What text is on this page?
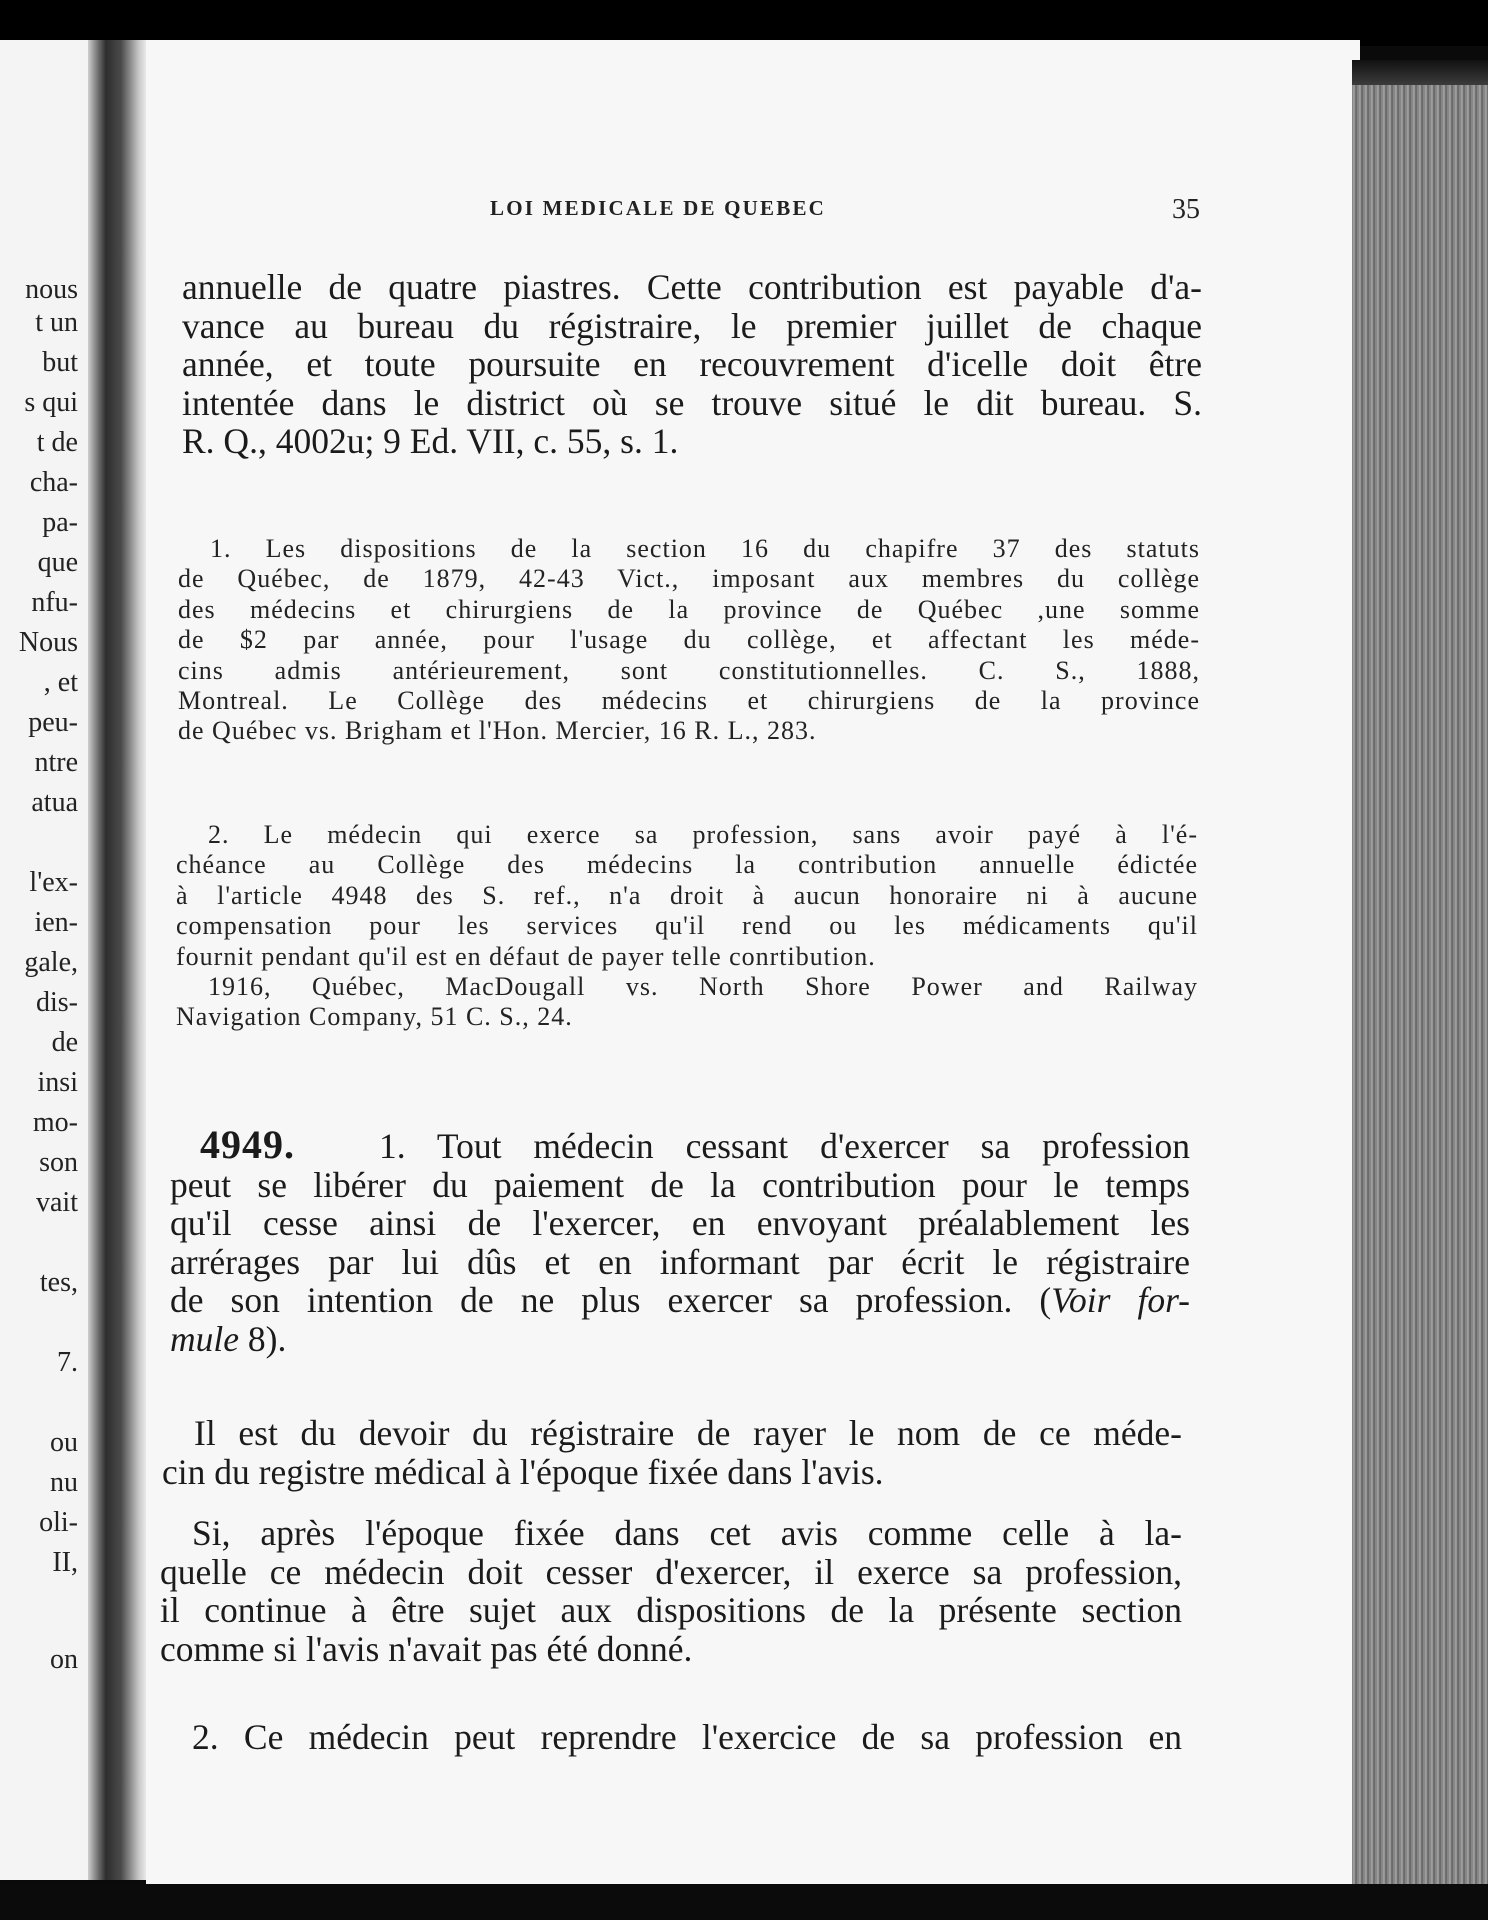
nous
t un
but
s qui
t de
cha-
pa-
que
nfu-
Nous
, et
peu-
ntre
atua
l'ex-
ien-
gale,
dis-
de
insi
mo-
son
vait
tes,
7.
ou
nu
oli-
II,
on
LOI MEDICALE DE QUEBEC	35
annuelle de quatre piastres. Cette contribution est payable d'a-
vance au bureau du régistraire, le premier juillet de chaque
année, et toute poursuite en recouvrement d'icelle doit être
intentée dans le district où se trouve situé le dit bureau. S.
R. Q., 4002u; 9 Ed. VII, c. 55, s. 1.
1. Les dispositions de la section 16 du chapifre 37 des statuts
de Québec, de 1879, 42-43 Vict., imposant aux membres du collège
des médecins et chirurgiens de la province de Québec ,une somme
de $2 par année, pour l'usage du collège, et affectant les méde-
cins admis antérieurement, sont constitutionnelles. C. S., 1888,
Montreal. Le Collège des médecins et chirurgiens de la province
de Québec vs. Brigham et l'Hon. Mercier, 16 R. L., 283.
2. Le médecin qui exerce sa profession, sans avoir payé à l'é-
chéance au Collège des médecins la contribution annuelle édictée
à l'article 4948 des S. ref., n'a droit à aucun honoraire ni à aucune
compensation pour les services qu'il rend ou les médicaments qu'il
fournit pendant qu'il est en défaut de payer telle conrtibution.
1916, Québec, MacDougall vs. North Shore Power and Railway
Navigation Company, 51 C. S., 24.
4949. 1. Tout médecin cessant d'exercer sa profession
peut se libérer du paiement de la contribution pour le temps
qu'il cesse ainsi de l'exercer, en envoyant préalablement les
arrérages par lui dûs et en informant par écrit le régistraire
de son intention de ne plus exercer sa profession. (Voir for-
mule 8).
Il est du devoir du régistraire de rayer le nom de ce méde-
cin du registre médical à l'époque fixée dans l'avis.
Si, après l'époque fixée dans cet avis comme celle à la-
quelle ce médecin doit cesser d'exercer, il exerce sa profession,
il continue à être sujet aux dispositions de la présente section
comme si l'avis n'avait pas été donné.
2. Ce médecin peut reprendre l'exercice de sa profession en
